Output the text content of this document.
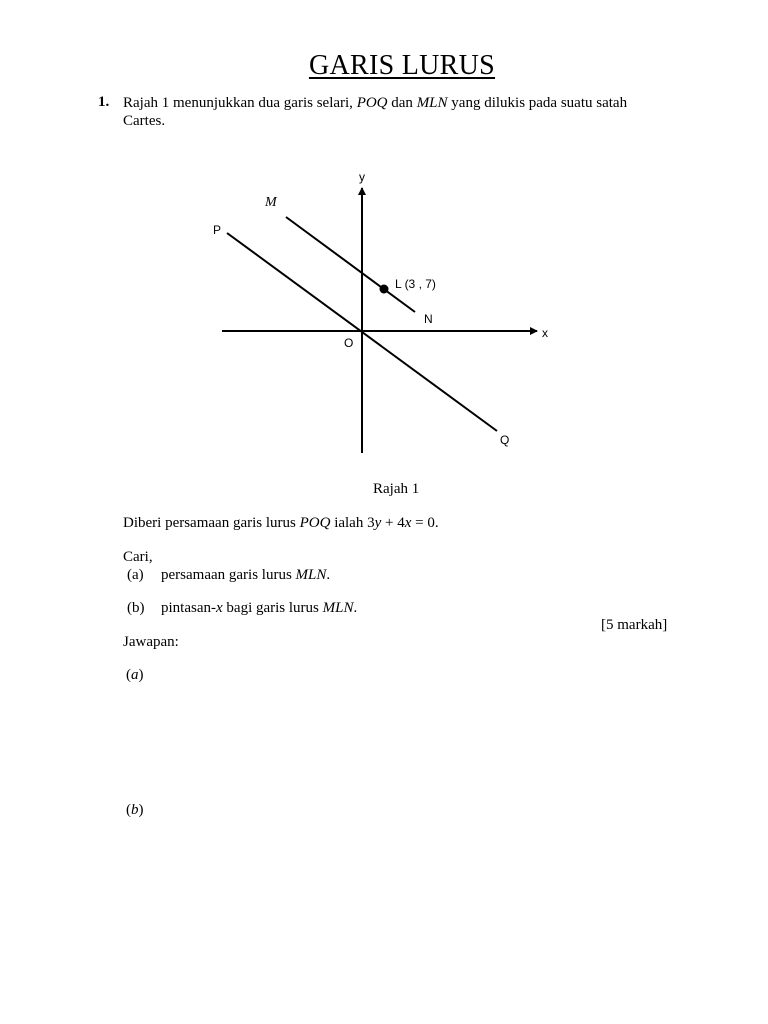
GARIS LURUS
1. Rajah 1 menunjukkan dua garis selari, POQ dan MLN yang dilukis pada suatu satah
Cartes.
y
x
O
P
Q
M
N
L (3 , 7)
Rajah 1
Diberi persamaan garis lurus POQ ialah 3y + 4x = 0.
Cari,
(a) persamaan garis lurus MLN.
(b) pintasan-x bagi garis lurus MLN.
[5 markah]
Jawapan:
(a)
(b)
